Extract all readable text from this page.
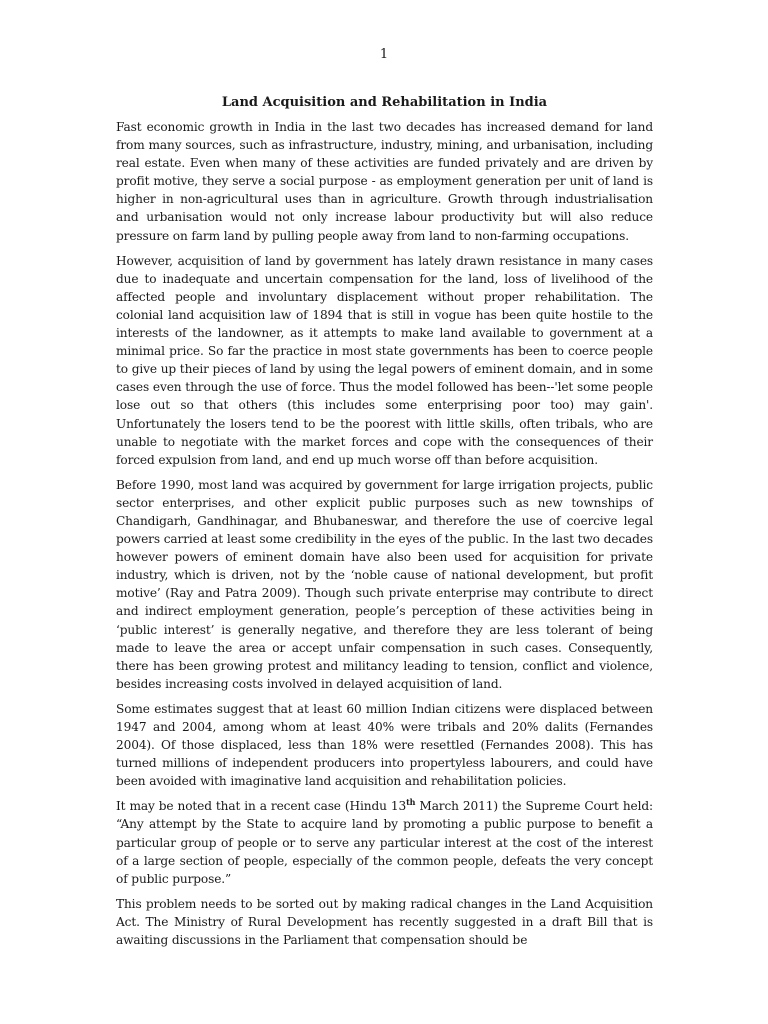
1
Land Acquisition and Rehabilitation in India

Fast economic growth in India in the last two decades has increased demand for land from many sources, such as infrastructure, industry, mining, and urbanisation, including real estate. Even when many of these activities are funded privately and are driven by profit motive, they serve a social purpose - as employment generation per unit of land is higher in non-agricultural uses than in agriculture. Growth through industrialisation and urbanisation would not only increase labour productivity but will also reduce pressure on farm land by pulling people away from land to non-farming occupations.

However, acquisition of land by government has lately drawn resistance in many cases due to inadequate and uncertain compensation for the land, loss of livelihood of the affected people and involuntary displacement without proper rehabilitation. The colonial land acquisition law of 1894 that is still in vogue has been quite hostile to the interests of the landowner, as it attempts to make land available to government at a minimal price. So far the practice in most state governments has been to coerce people to give up their pieces of land by using the legal powers of eminent domain, and in some cases even through the use of force. Thus the model followed has been--'let some people lose out so that others (this includes some enterprising poor too) may gain'. Unfortunately the losers tend to be the poorest with little skills, often tribals, who are unable to negotiate with the market forces and cope with the consequences of their forced expulsion from land, and end up much worse off than before acquisition.

Before 1990, most land was acquired by government for large irrigation projects, public sector enterprises, and other explicit public purposes such as new townships of Chandigarh, Gandhinagar, and Bhubaneswar, and therefore the use of coercive legal powers carried at least some credibility in the eyes of the public. In the last two decades however powers of eminent domain have also been used for acquisition for private industry, which is driven, not by the ‘noble cause of national development, but profit motive’ (Ray and Patra 2009). Though such private enterprise may contribute to direct and indirect employment generation, people’s perception of these activities being in ‘public interest’ is generally negative, and therefore they are less tolerant of being made to leave the area or accept unfair compensation in such cases. Consequently, there has been growing protest and militancy leading to tension, conflict and violence, besides increasing costs involved in delayed acquisition of land.

Some estimates suggest that at least 60 million Indian citizens were displaced between 1947 and 2004, among whom at least 40% were tribals and 20% dalits (Fernandes 2004). Of those displaced, less than 18% were resettled (Fernandes 2008). This has turned millions of independent producers into propertyless labourers, and could have been avoided with imaginative land acquisition and rehabilitation policies.

It may be noted that in a recent case (Hindu 13th March 2011) the Supreme Court held: “Any attempt by the State to acquire land by promoting a public purpose to benefit a particular group of people or to serve any particular interest at the cost of the interest of a large section of people, especially of the common people, defeats the very concept of public purpose.”

This problem needs to be sorted out by making radical changes in the Land Acquisition Act. The Ministry of Rural Development has recently suggested in a draft Bill that is awaiting discussions in the Parliament that compensation should be
